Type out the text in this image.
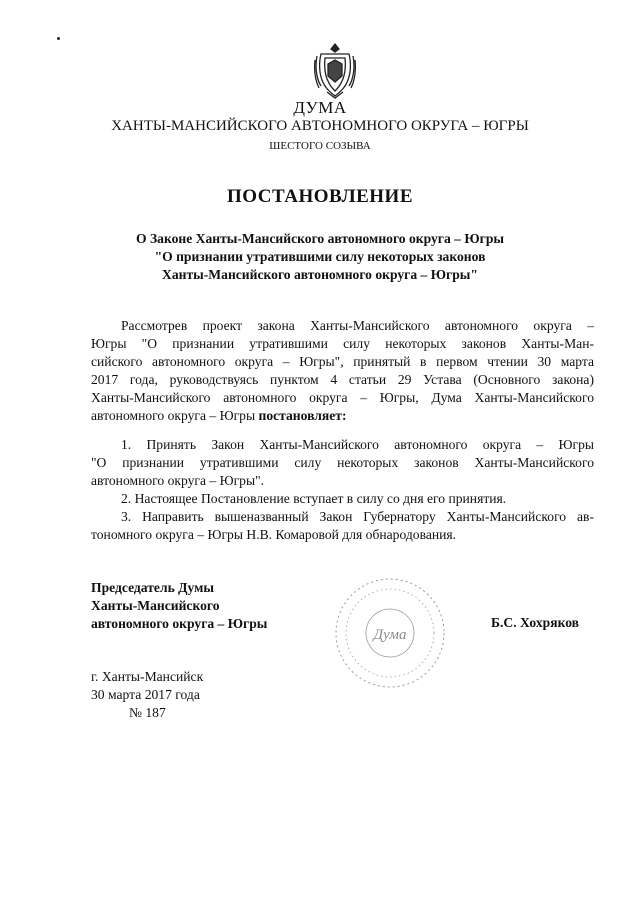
ДУМА
ХАНТЫ-МАНСИЙСКОГО АВТОНОМНОГО ОКРУГА – ЮГРЫ
ШЕСТОГО СОЗЫВА
ПОСТАНОВЛЕНИЕ
О Законе Ханты-Мансийского автономного округа – Югры
"О признании утратившими силу некоторых законов
Ханты-Мансийского автономного округа – Югры"
Рассмотрев проект закона Ханты-Мансийского автономного округа –
Югры "О признании утратившими силу некоторых законов Ханты-Ман-
сийского автономного округа – Югры", принятый в первом чтении 30 марта
2017 года, руководствуясь пунктом 4 статьи 29 Устава (Основного закона)
Ханты-Мансийского автономного округа – Югры, Дума Ханты-Мансийского
автономного округа – Югры постановляет:
1. Принять Закон Ханты-Мансийского автономного округа – Югры
"О признании утратившими силу некоторых законов Ханты-Мансийского
автономного округа – Югры".
2. Настоящее Постановление вступает в силу со дня его принятия.
3. Направить вышеназванный Закон Губернатору Ханты-Мансийского ав-
тономного округа – Югры Н.В. Комаровой для обнародования.
Председатель Думы
Ханты-Мансийского
автономного округа – Югры
Дума
Б.С. Хохряков
г. Ханты-Мансийск
30 марта 2017 года
№ 187
